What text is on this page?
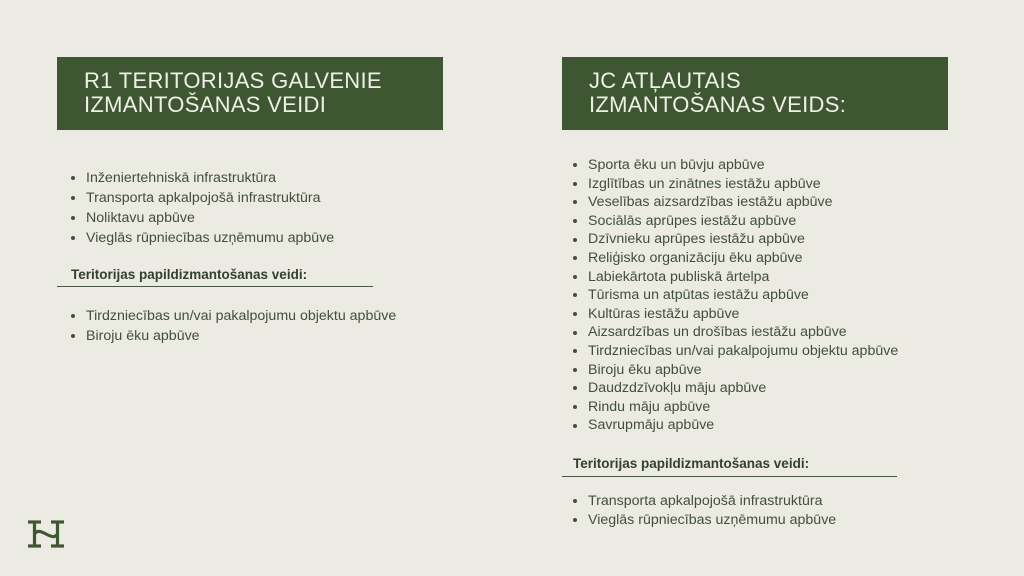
R1 TERITORIJAS GALVENIE
IZMANTOŠANAS VEIDI
Inženiertehniskā infrastruktūra
Transporta apkalpojošā infrastruktūra
Noliktavu apbūve
Vieglās rūpniecības uzņēmumu apbūve
Teritorijas papildizmantošanas veidi:
Tirdzniecības un/vai pakalpojumu objektu apbūve
Biroju ēku apbūve
JC ATĻAUTAIS
IZMANTOŠANAS VEIDS:
Sporta ēku un būvju apbūve
Izglītības un zinātnes iestāžu apbūve
Veselības aizsardzības iestāžu apbūve
Sociālās aprūpes iestāžu apbūve
Dzīvnieku aprūpes iestāžu apbūve
Reliģisko organizāciju ēku apbūve
Labiekārtota publiskā ārtelpa
Tūrisma un atpūtas iestāžu apbūve
Kultūras iestāžu apbūve
Aizsardzības un drošības iestāžu apbūve
Tirdzniecības un/vai pakalpojumu objektu apbūve
Biroju ēku apbūve
Daudzdzīvokļu māju apbūve
Rindu māju apbūve
Savrupmāju apbūve
Teritorijas papildizmantošanas veidi:
Transporta apkalpojošā infrastruktūra
Vieglās rūpniecības uzņēmumu apbūve
